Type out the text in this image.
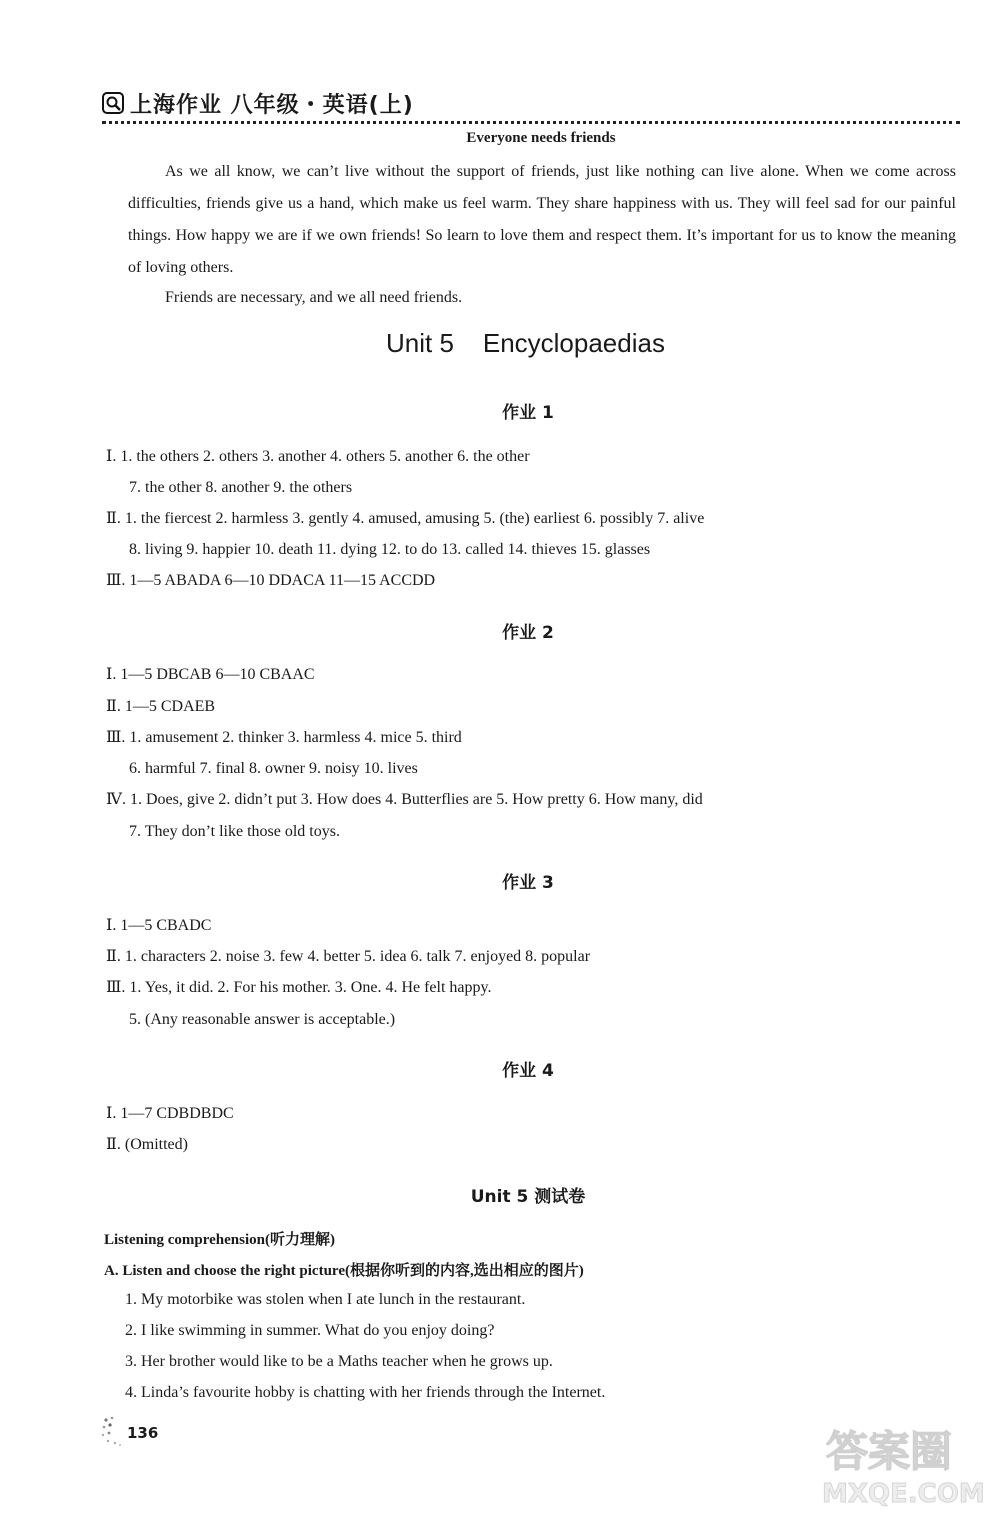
上海作业 八年级・英语(上)
Everyone needs friends
As we all know, we can’t live without the support of friends, just like nothing can live alone. When we come across difficulties, friends give us a hand, which make us feel warm. They share happiness with us. They will feel sad for our painful things. How happy we are if we own friends! So learn to love them and respect them. It’s important for us to know the meaning of loving others.
Friends are necessary, and we all need friends.
Unit 5    Encyclopaedias
作业 1
Ⅰ. 1. the others 2. others 3. another 4. others 5. another 6. the other
7. the other 8. another 9. the others
Ⅱ. 1. the fiercest 2. harmless 3. gently 4. amused, amusing 5. (the) earliest 6. possibly 7. alive
8. living 9. happier 10. death 11. dying 12. to do 13. called 14. thieves 15. glasses
Ⅲ. 1—5 ABADA 6—10 DDACA 11—15 ACCDD
作业 2
Ⅰ. 1—5 DBCAB 6—10 CBAAC
Ⅱ. 1—5 CDAEB
Ⅲ. 1. amusement 2. thinker 3. harmless 4. mice 5. third
6. harmful 7. final 8. owner 9. noisy 10. lives
Ⅳ. 1. Does, give 2. didn’t put 3. How does 4. Butterflies are 5. How pretty 6. How many, did
7. They don’t like those old toys.
作业 3
Ⅰ. 1—5 CBADC
Ⅱ. 1. characters 2. noise 3. few 4. better 5. idea 6. talk 7. enjoyed 8. popular
Ⅲ. 1. Yes, it did. 2. For his mother. 3. One. 4. He felt happy.
5. (Any reasonable answer is acceptable.)
作业 4
Ⅰ. 1—7 CDBDBDC
Ⅱ. (Omitted)
Unit 5 测试卷
Listening comprehension(听力理解)
A. Listen and choose the right picture(根据你听到的内容,选出相应的图片)
1. My motorbike was stolen when I ate lunch in the restaurant.
2. I like swimming in summer. What do you enjoy doing?
3. Her brother would like to be a Maths teacher when he grows up.
4. Linda’s favourite hobby is chatting with her friends through the Internet.
136	答案圈
MXQE.COM
